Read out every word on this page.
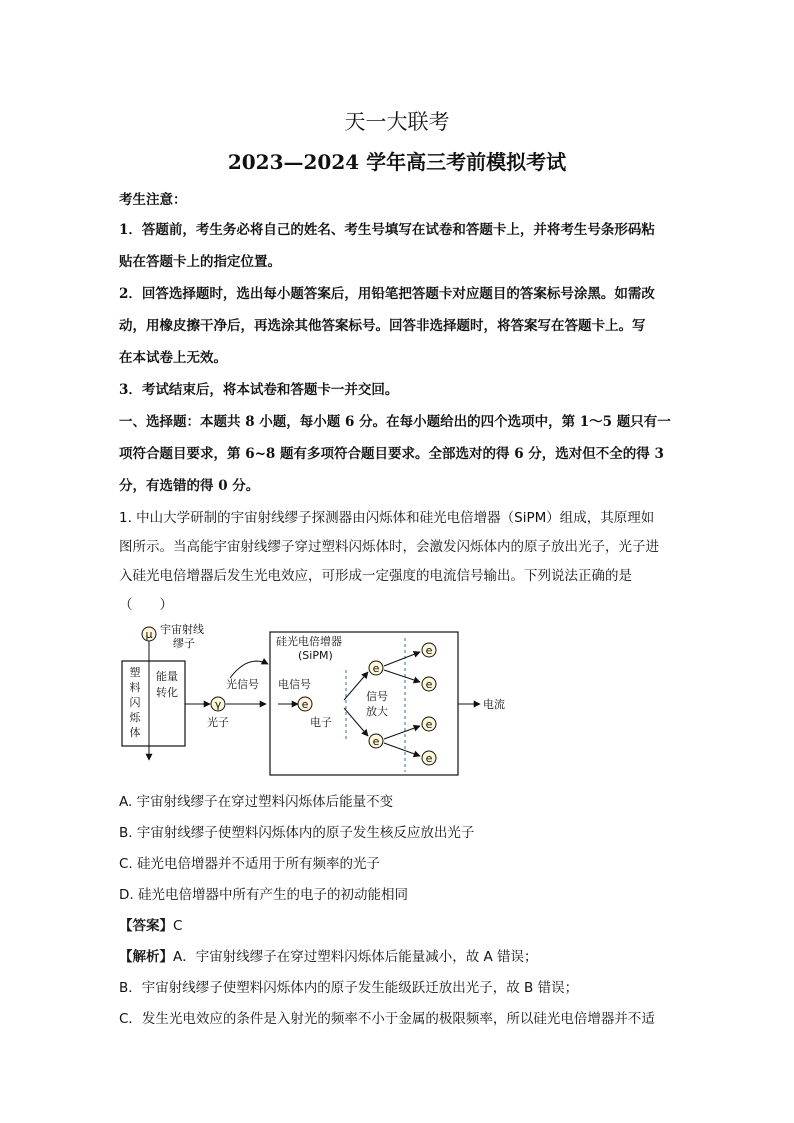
天一大联考
2023—2024 学年高三考前模拟考试
考生注意：
1．答题前，考生务必将自己的姓名、考生号填写在试卷和答题卡上，并将考生号条形码粘
贴在答题卡上的指定位置。
2．回答选择题时，选出每小题答案后，用铅笔把答题卡对应题目的答案标号涂黑。如需改
动，用橡皮擦干净后，再选涂其他答案标号。回答非选择题时，将答案写在答题卡上。写
在本试卷上无效。
3．考试结束后，将本试卷和答题卡一并交回。
一、选择题：本题共 8 小题，每小题 6 分。在每小题给出的四个选项中，第 1～5 题只有一
项符合题目要求，第 6~8 题有多项符合题目要求。全部选对的得 6 分，选对但不全的得 3
分，有选错的得 0 分。
1. 中山大学研制的宇宙射线缪子探测器由闪烁体和硅光电倍增器（SiPM）组成，其原理如
图所示。当高能宇宙射线缪子穿过塑料闪烁体时，会激发闪烁体内的原子放出光子，光子进
入硅光电倍增器后发生光电效应，可形成一定强度的电流信号输出。下列说法正确的是
（　　）
μ 宇宙射线
缪子
塑
料
闪
烁
体
能量
转化
γ
光子
光信号
硅光电倍增器
(SiPM)
电信号
e
电子
信号
放大
e
e
e
e
e
e
电流
A. 宇宙射线缪子在穿过塑料闪烁体后能量不变
B. 宇宙射线缪子使塑料闪烁体内的原子发生核反应放出光子
C. 硅光电倍增器并不适用于所有频率的光子
D. 硅光电倍增器中所有产生的电子的初动能相同
【答案】C
【解析】A．宇宙射线缪子在穿过塑料闪烁体后能量减小，故 A 错误；
B．宇宙射线缪子使塑料闪烁体内的原子发生能级跃迁放出光子，故 B 错误；
C．发生光电效应的条件是入射光的频率不小于金属的极限频率，所以硅光电倍增器并不适
